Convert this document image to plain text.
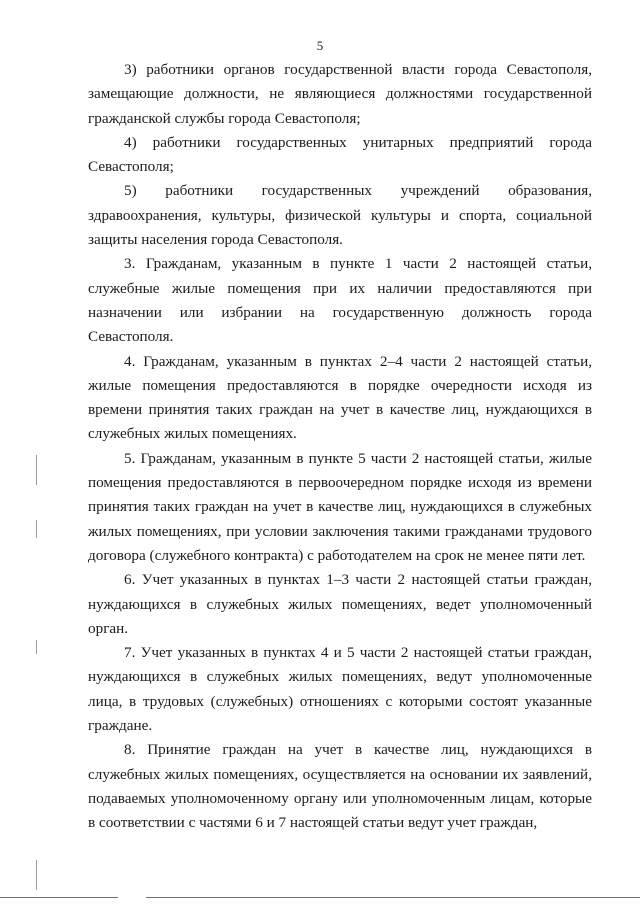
5

3) работники органов государственной власти города Севастополя, замещающие должности, не являющиеся должностями государственной гражданской службы города Севастополя;

4) работники государственных унитарных предприятий города Севастополя;

5) работники государственных учреждений образования, здравоохранения, культуры, физической культуры и спорта, социальной защиты населения города Севастополя.

3. Гражданам, указанным в пункте 1 части 2 настоящей статьи, служебные жилые помещения при их наличии предоставляются при назначении или избрании на государственную должность города Севастополя.

4. Гражданам, указанным в пунктах 2–4 части 2 настоящей статьи, жилые помещения предоставляются в порядке очередности исходя из времени принятия таких граждан на учет в качестве лиц, нуждающихся в служебных жилых помещениях.

5. Гражданам, указанным в пункте 5 части 2 настоящей статьи, жилые помещения предоставляются в первоочередном порядке исходя из времени принятия таких граждан на учет в качестве лиц, нуждающихся в служебных жилых помещениях, при условии заключения такими гражданами трудового договора (служебного контракта) с работодателем на срок не менее пяти лет.

6. Учет указанных в пунктах 1–3 части 2 настоящей статьи граждан, нуждающихся в служебных жилых помещениях, ведет уполномоченный орган.

7. Учет указанных в пунктах 4 и 5 части 2 настоящей статьи граждан, нуждающихся в служебных жилых помещениях, ведут уполномоченные лица, в трудовых (служебных) отношениях с которыми состоят указанные граждане.

8. Принятие граждан на учет в качестве лиц, нуждающихся в служебных жилых помещениях, осуществляется на основании их заявлений, подаваемых уполномоченному органу или уполномоченным лицам, которые в соответствии с частями 6 и 7 настоящей статьи ведут учет граждан,
